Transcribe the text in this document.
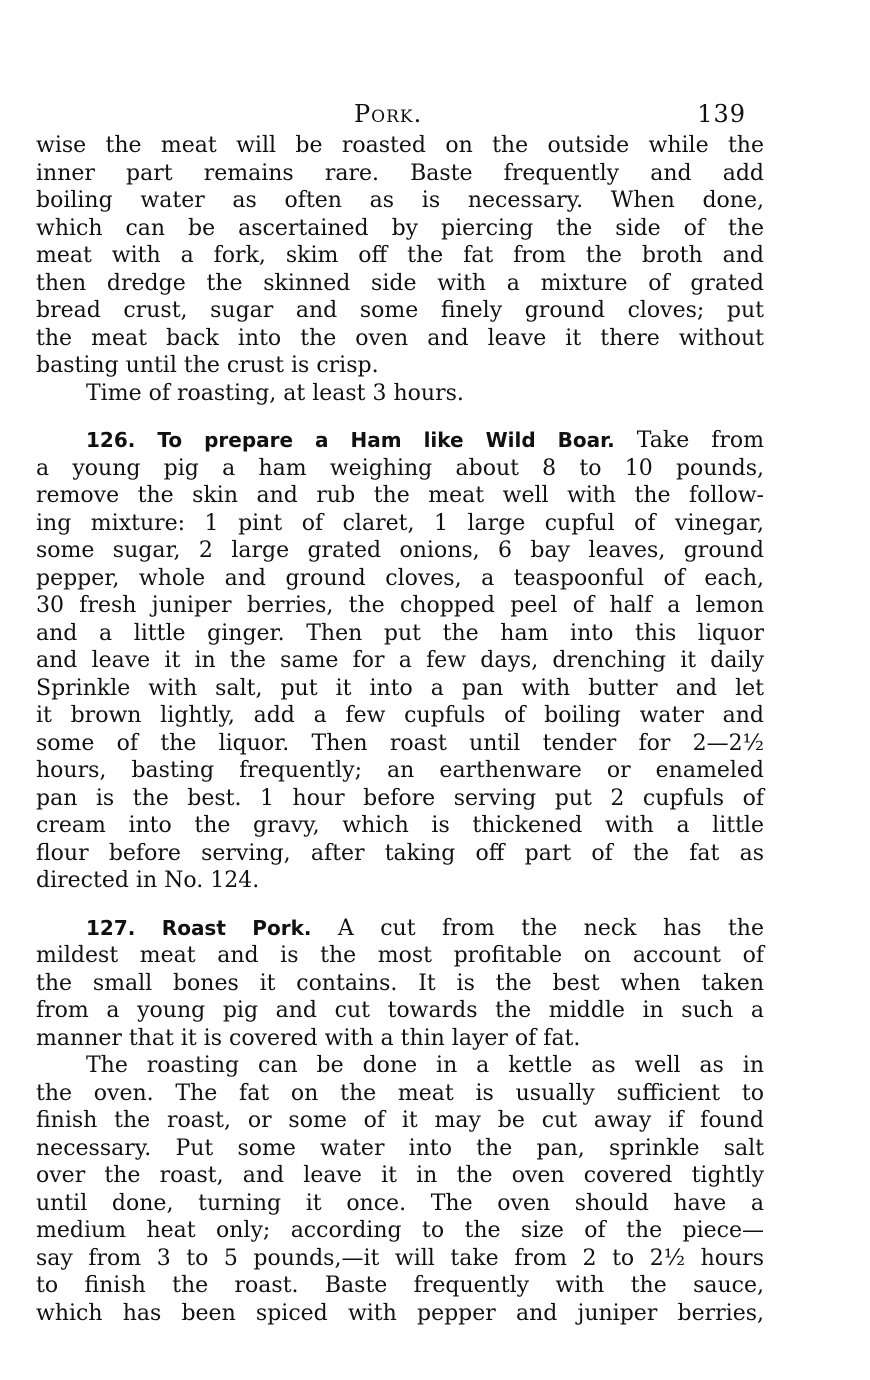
Pork.	139
wise the meat will be roasted on the outside while the
inner part remains rare. Baste frequently and add
boiling water as often as is necessary. When done,
which can be ascertained by piercing the side of the
meat with a fork, skim off the fat from the broth and
then dredge the skinned side with a mixture of grated
bread crust, sugar and some finely ground cloves; put
the meat back into the oven and leave it there without
basting until the crust is crisp.
Time of roasting, at least 3 hours.
126. To prepare a Ham like Wild Boar. Take from
a young pig a ham weighing about 8 to 10 pounds,
remove the skin and rub the meat well with the follow-
ing mixture: 1 pint of claret, 1 large cupful of vinegar,
some sugar, 2 large grated onions, 6 bay leaves, ground
pepper, whole and ground cloves, a teaspoonful of each,
30 fresh juniper berries, the chopped peel of half a lemon
and a little ginger. Then put the ham into this liquor
and leave it in the same for a few days, drenching it daily
Sprinkle with salt, put it into a pan with butter and let
it brown lightly, add a few cupfuls of boiling water and
some of the liquor. Then roast until tender for 2—2½
hours, basting frequently; an earthenware or enameled
pan is the best. 1 hour before serving put 2 cupfuls of
cream into the gravy, which is thickened with a little
flour before serving, after taking off part of the fat as
directed in No. 124.
127. Roast Pork. A cut from the neck has the
mildest meat and is the most profitable on account of
the small bones it contains. It is the best when taken
from a young pig and cut towards the middle in such a
manner that it is covered with a thin layer of fat.
The roasting can be done in a kettle as well as in
the oven. The fat on the meat is usually sufficient to
finish the roast, or some of it may be cut away if found
necessary. Put some water into the pan, sprinkle salt
over the roast, and leave it in the oven covered tightly
until done, turning it once. The oven should have a
medium heat only; according to the size of the piece—
say from 3 to 5 pounds,—it will take from 2 to 2½ hours
to finish the roast. Baste frequently with the sauce,
which has been spiced with pepper and juniper berries,
